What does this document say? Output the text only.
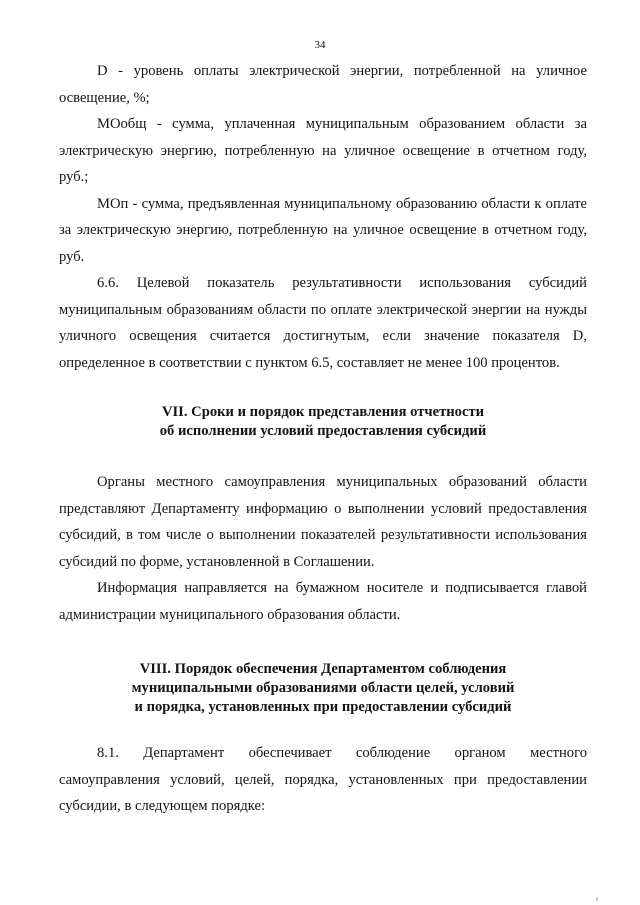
34

D - уровень оплаты электрической энергии, потребленной на уличное освещение, %;

МОобщ - сумма, уплаченная муниципальным образованием области за электрическую энергию, потребленную на уличное освещение в отчетном году, руб.;

МОп - сумма, предъявленная муниципальному образованию области к оплате за электрическую энергию, потребленную на уличное освещение в отчетном году, руб.

6.6. Целевой показатель результативности использования субсидий муниципальным образованиям области по оплате электрической энергии на нужды уличного освещения считается достигнутым, если значение показателя D, определенное в соответствии с пунктом 6.5, составляет не менее 100 процентов.

VII. Сроки и порядок представления отчетности
об исполнении условий предоставления субсидий

Органы местного самоуправления муниципальных образований области представляют Департаменту информацию о выполнении условий предоставления субсидий, в том числе о выполнении показателей результативности использования субсидий по форме, установленной в Соглашении.

Информация направляется на бумажном носителе и подписывается главой администрации муниципального образования области.

VIII. Порядок обеспечения Департаментом соблюдения
муниципальными образованиями области целей, условий
и порядка, установленных при предоставлении субсидий

8.1. Департамент обеспечивает соблюдение органом местного самоуправления условий, целей, порядка, установленных при предоставлении субсидии, в следующем порядке:
